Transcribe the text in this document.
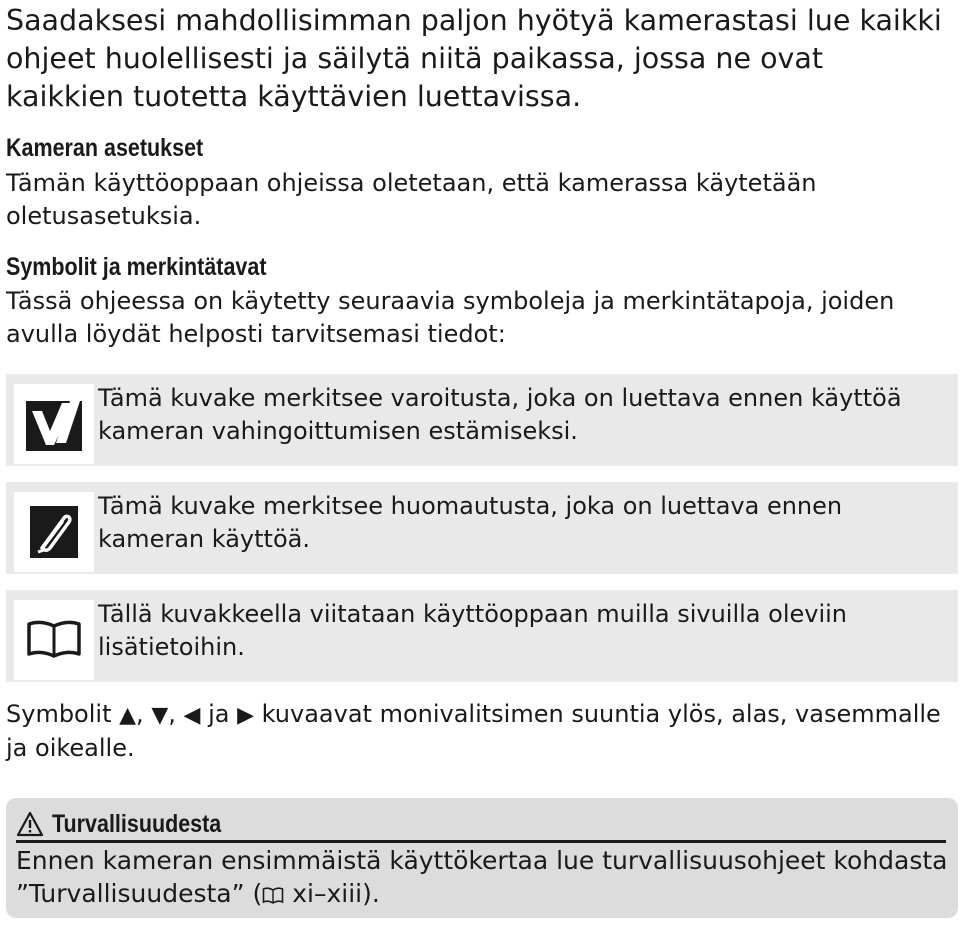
Saadaksesi mahdollisimman paljon hyötyä kamerastasi lue kaikki ohjeet huolellisesti ja säilytä niitä paikassa, jossa ne ovat kaikkien tuotetta käyttävien luettavissa.

Kameran asetukset

Tämän käyttöoppaan ohjeissa oletetaan, että kamerassa käytetään oletusasetuksia.

Symbolit ja merkintätavat

Tässä ohjeessa on käytetty seuraavia symboleja ja merkintätapoja, joiden avulla löydät helposti tarvitsemasi tiedot:

Tämä kuvake merkitsee varoitusta, joka on luettava ennen käyttöä kameran vahingoittumisen estämiseksi.
Tämä kuvake merkitsee huomautusta, joka on luettava ennen kameran käyttöä.
Tällä kuvakkeella viitataan käyttöoppaan muilla sivuilla oleviin lisätietoihin.

Symbolit ▲, ▼, ◀ ja ▶ kuvaavat monivalitsimen suuntia ylös, alas, vasemmalle ja oikealle.

Turvallisuudesta
Ennen kameran ensimmäistä käyttökertaa lue turvallisuusohjeet kohdasta ”Turvallisuudesta” ( xi–xiii).
